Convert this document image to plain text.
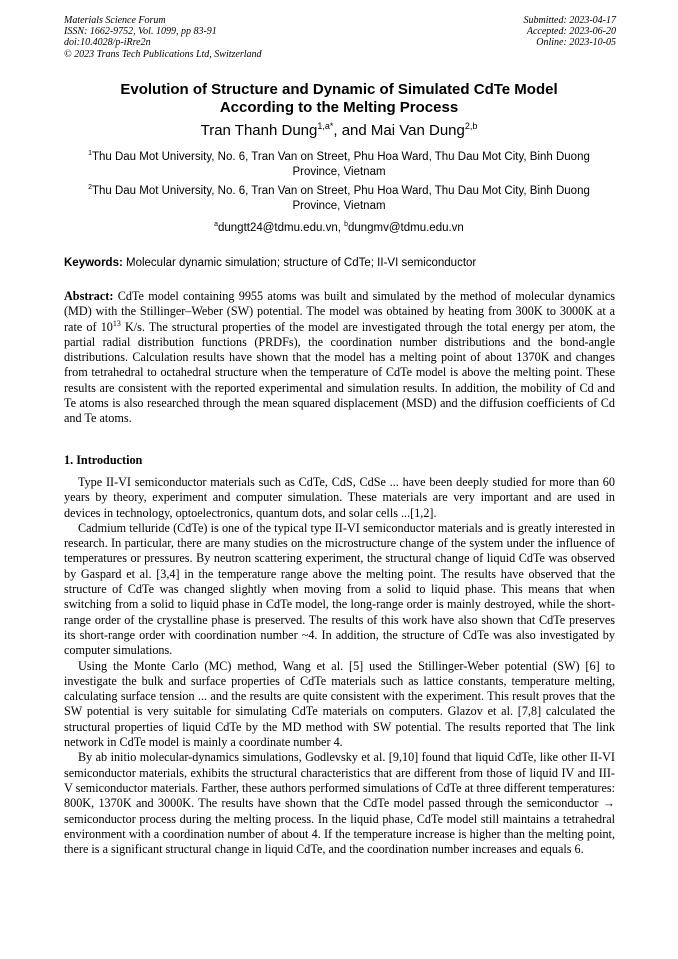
Materials Science Forum
ISSN: 1662-9752, Vol. 1099, pp 83-91
doi:10.4028/p-iRre2n
© 2023 Trans Tech Publications Ltd, Switzerland
Submitted: 2023-04-17
Accepted: 2023-06-20
Online: 2023-10-05
Evolution of Structure and Dynamic of Simulated CdTe Model
According to the Melting Process
Tran Thanh Dung$^{1,a*}$, and Mai Van Dung$^{2,b}$
$^1$Thu Dau Mot University, No. 6, Tran Van on Street, Phu Hoa Ward, Thu Dau Mot City, Binh Duong Province, Vietnam
$^2$Thu Dau Mot University, No. 6, Tran Van on Street, Phu Hoa Ward, Thu Dau Mot City, Binh Duong Province, Vietnam
$^a$dungtt24@tdmu.edu.vn, $^b$dungmv@tdmu.edu.vn
Keywords: Molecular dynamic simulation; structure of CdTe; II-VI semiconductor
Abstract: CdTe model containing 9955 atoms was built and simulated by the method of molecular dynamics (MD) with the Stillinger–Weber (SW) potential. The model was obtained by heating from 300K to 3000K at a rate of $10^{13}$ K/s. The structural properties of the model are investigated through the total energy per atom, the partial radial distribution functions (PRDFs), the coordination number distributions and the bond-angle distributions. Calculation results have shown that the model has a melting point of about 1370K and changes from tetrahedral to octahedral structure when the temperature of CdTe model is above the melting point. These results are consistent with the reported experimental and simulation results. In addition, the mobility of Cd and Te atoms is also researched through the mean squared displacement (MSD) and the diffusion coefficients of Cd and Te atoms.
1. Introduction

Type II-VI semiconductor materials such as CdTe, CdS, CdSe ... have been deeply studied for more than 60 years by theory, experiment and computer simulation. These materials are very important and are used in devices in technology, optoelectronics, quantum dots, and solar cells ...[1,2].

Cadmium telluride (CdTe) is one of the typical type II-VI semiconductor materials and is greatly interested in research. In particular, there are many studies on the microstructure change of the system under the influence of temperatures or pressures. By neutron scattering experiment, the structural change of liquid CdTe was observed by Gaspard et al. [3,4] in the temperature range above the melting point. The results have observed that the structure of CdTe was changed slightly when moving from a solid to liquid phase. This means that when switching from a solid to liquid phase in CdTe model, the long-range order is mainly destroyed, while the short-range order of the crystalline phase is preserved. The results of this work have also shown that CdTe preserves its short-range order with coordination number ~4. In addition, the structure of CdTe was also investigated by computer simulations.

Using the Monte Carlo (MC) method, Wang et al. [5] used the Stillinger-Weber potential (SW) [6] to investigate the bulk and surface properties of CdTe materials such as lattice constants, temperature melting, calculating surface tension ... and the results are quite consistent with the experiment. This result proves that the SW potential is very suitable for simulating CdTe materials on computers. Glazov et al. [7,8] calculated the structural properties of liquid CdTe by the MD method with SW potential. The results reported that The link network in CdTe model is mainly a coordinate number 4.

By ab initio molecular-dynamics simulations, Godlevsky et al. [9,10] found that liquid CdTe, like other II-VI semiconductor materials, exhibits the structural characteristics that are different from those of liquid IV and III-V semiconductor materials. Farther, these authors performed simulations of CdTe at three different temperatures: 800K, 1370K and 3000K. The results have shown that the CdTe model passed through the semiconductor → semiconductor process during the melting process. In the liquid phase, CdTe model still maintains a tetrahedral environment with a coordination number of about 4. If the temperature increase is higher than the melting point, there is a significant structural change in liquid CdTe, and the coordination number increases and equals 6.
